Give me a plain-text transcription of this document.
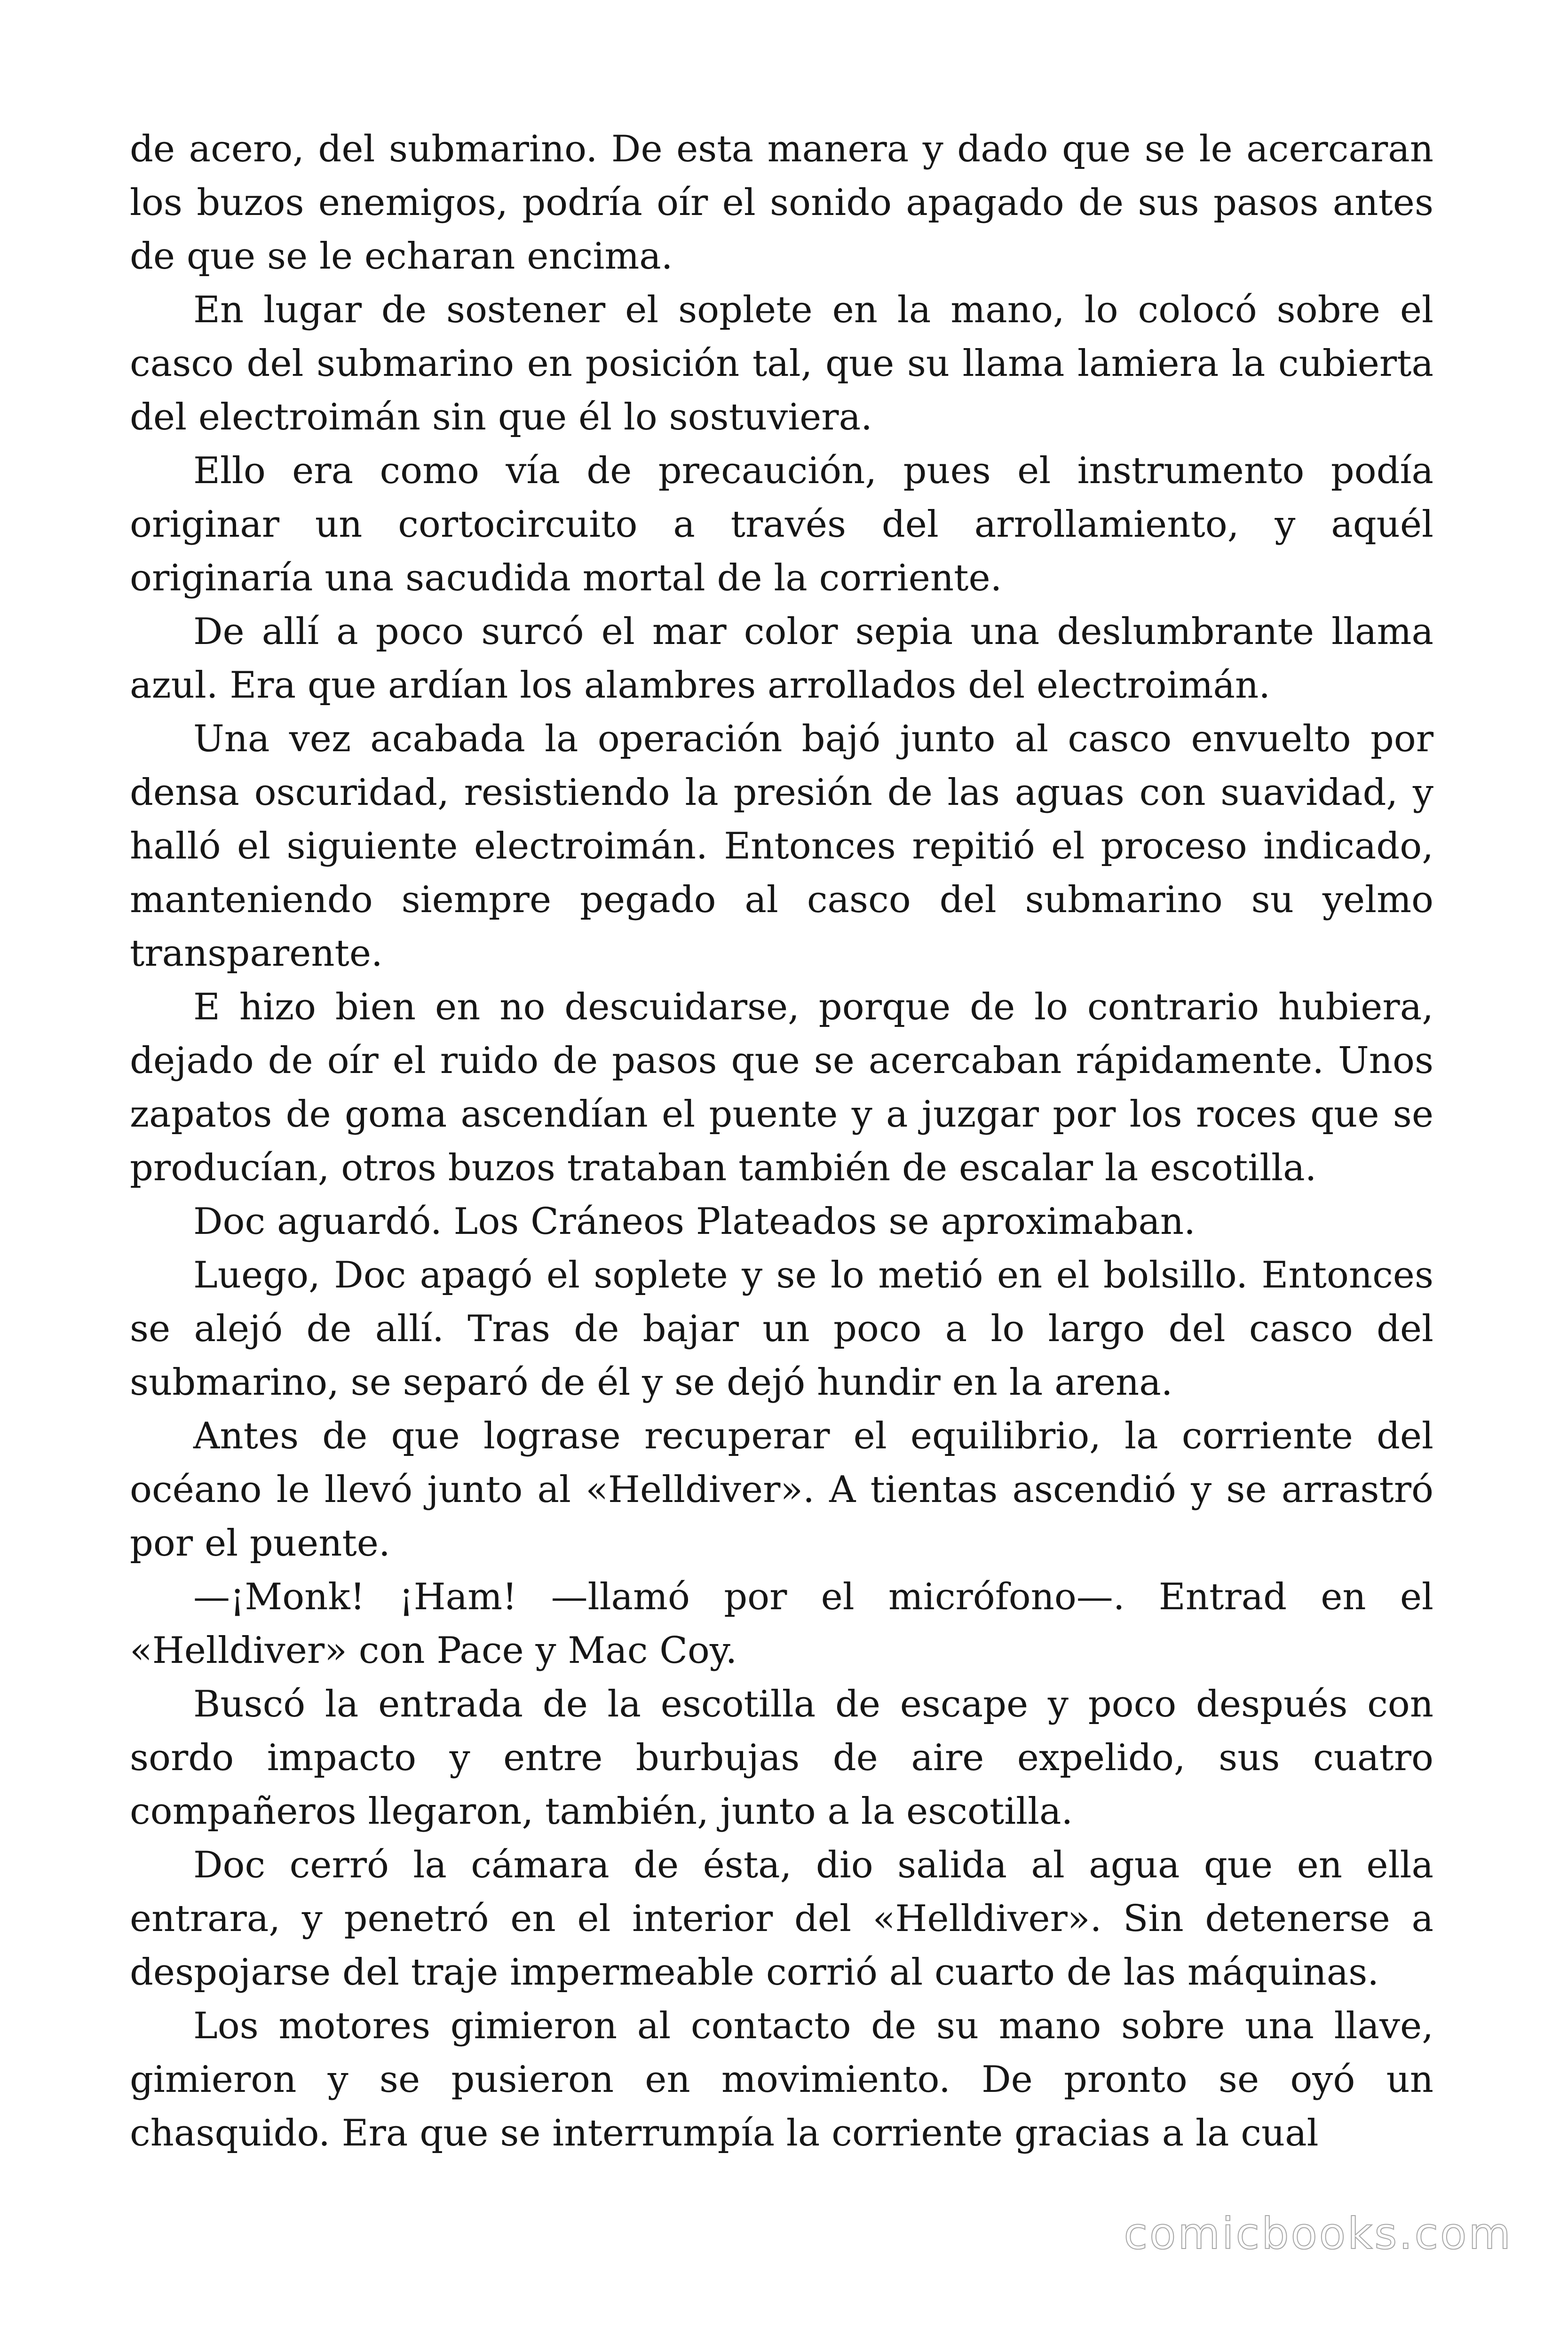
de acero, del submarino. De esta manera y dado que se le acercaran los buzos enemigos, podría oír el sonido apagado de sus pasos antes de que se le echaran encima.

En lugar de sostener el soplete en la mano, lo colocó sobre el casco del submarino en posición tal, que su llama lamiera la cubierta del electroimán sin que él lo sostuviera.

Ello era como vía de precaución, pues el instrumento podía originar un cortocircuito a través del arrollamiento, y aquél originaría una sacudida mortal de la corriente.

De allí a poco surcó el mar color sepia una deslumbrante llama azul. Era que ardían los alambres arrollados del electroimán.

Una vez acabada la operación bajó junto al casco envuelto por densa oscuridad, resistiendo la presión de las aguas con suavidad, y halló el siguiente electroimán. Entonces repitió el proceso indicado, manteniendo siempre pegado al casco del submarino su yelmo transparente.

E hizo bien en no descuidarse, porque de lo contrario hubiera, dejado de oír el ruido de pasos que se acercaban rápidamente. Unos zapatos de goma ascendían el puente y a juzgar por los roces que se producían, otros buzos trataban también de escalar la escotilla.

Doc aguardó. Los Cráneos Plateados se aproximaban.

Luego, Doc apagó el soplete y se lo metió en el bolsillo. Entonces se alejó de allí. Tras de bajar un poco a lo largo del casco del submarino, se separó de él y se dejó hundir en la arena.

Antes de que lograse recuperar el equilibrio, la corriente del océano le llevó junto al «Helldiver». A tientas ascendió y se arrastró por el puente.

—¡Monk! ¡Ham! —llamó por el micrófono—. Entrad en el «Helldiver» con Pace y Mac Coy.

Buscó la entrada de la escotilla de escape y poco después con sordo impacto y entre burbujas de aire expelido, sus cuatro compañeros llegaron, también, junto a la escotilla.

Doc cerró la cámara de ésta, dio salida al agua que en ella entrara, y penetró en el interior del «Helldiver». Sin detenerse a despojarse del traje impermeable corrió al cuarto de las máquinas.

Los motores gimieron al contacto de su mano sobre una llave, gimieron y se pusieron en movimiento. De pronto se oyó un chasquido. Era que se interrumpía la corriente gracias a la cual

comicbooks.com
